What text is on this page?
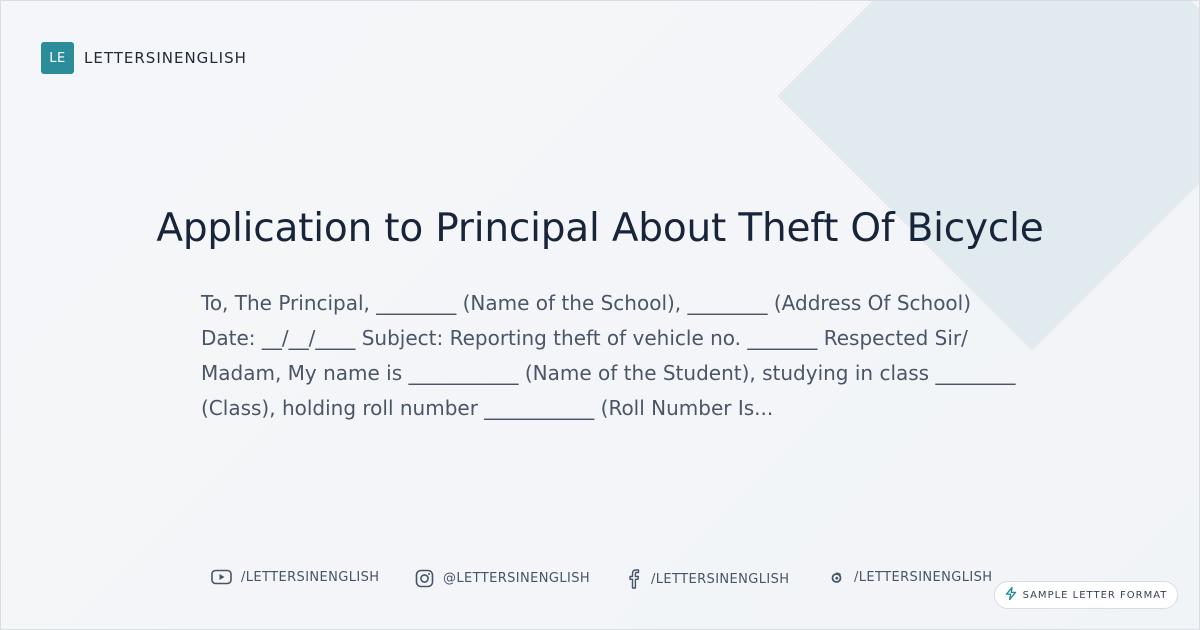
LE	LETTERSINENGLISH
Application to Principal About Theft Of Bicycle
To, The Principal, ________ (Name of the School), ________ (Address Of School) Date: __/__/____ Subject: Reporting theft of vehicle no. _______ Respected Sir/ Madam, My name is ___________ (Name of the Student), studying in class ________ (Class), holding roll number ___________ (Roll Number Is...
/LETTERSINENGLISH	@LETTERSINENGLISH	/LETTERSINENGLISH	/LETTERSINENGLISH
SAMPLE LETTER FORMAT
